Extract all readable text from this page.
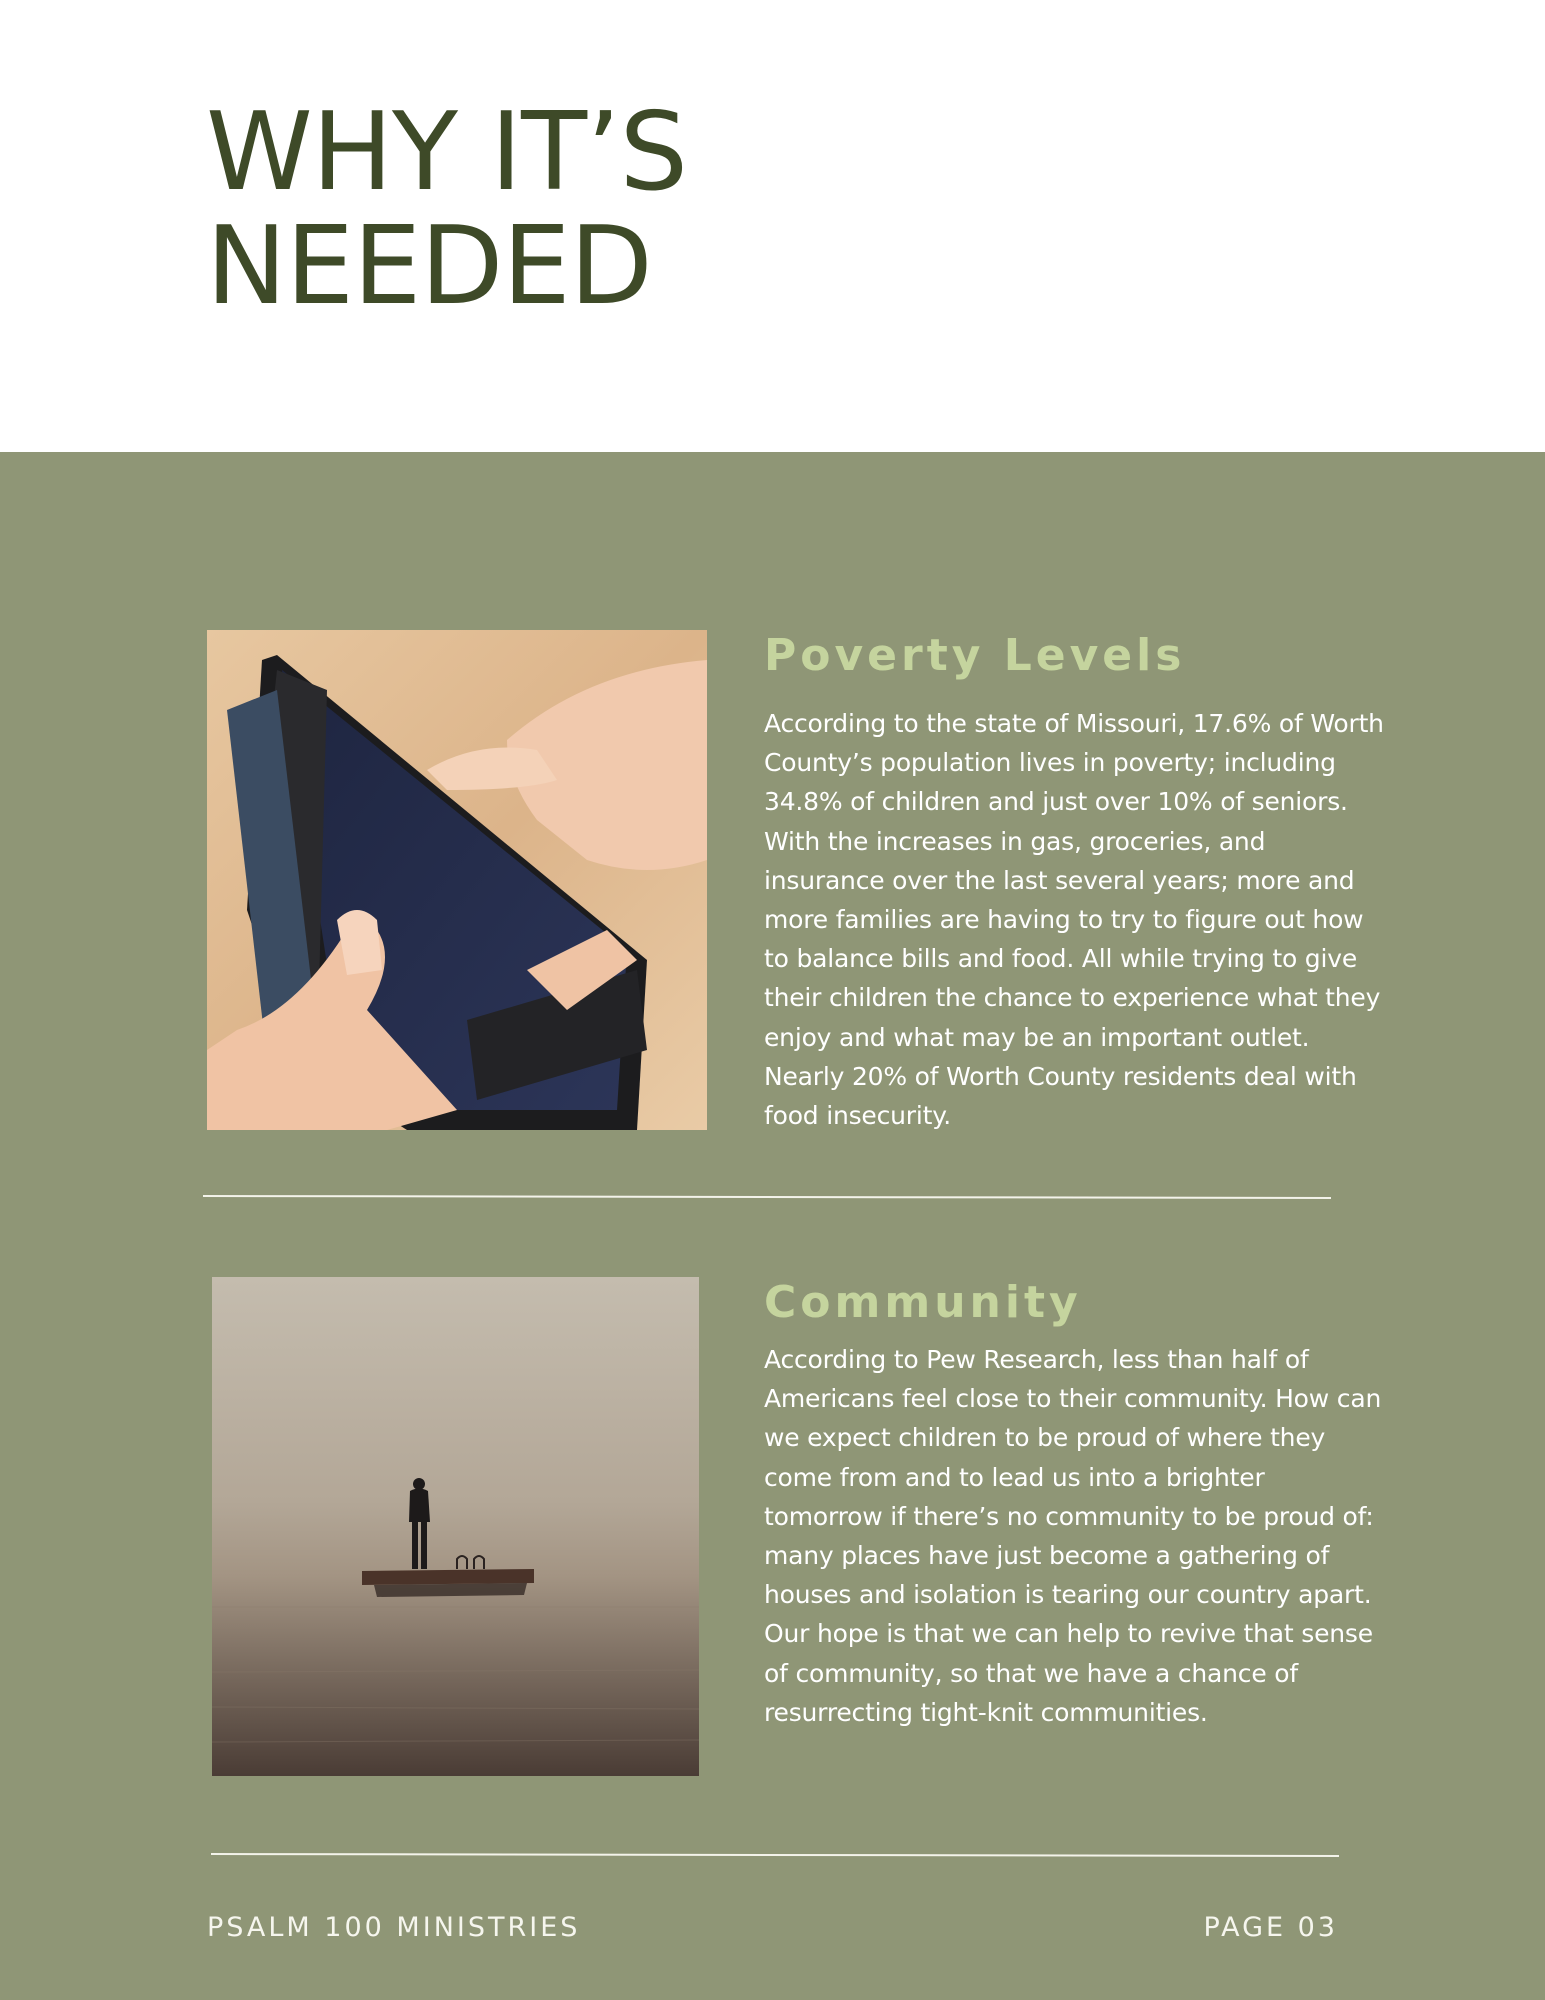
WHY IT’S
NEEDED
Poverty Levels

According to the state of Missouri, 17.6% of Worth County’s population lives in poverty; including 34.8% of children and just over 10% of seniors. With the increases in gas, groceries, and insurance over the last several years; more and more families are having to try to figure out how to balance bills and food. All while trying to give their children the chance to experience what they enjoy and what may be an important outlet. Nearly 20% of Worth County residents deal with food insecurity.

Community

According to Pew Research, less than half of Americans feel close to their community. How can we expect children to be proud of where they come from and to lead us into a brighter tomorrow if there’s no community to be proud of: many places have just become a gathering of houses and isolation is tearing our country apart. Our hope is that we can help to revive that sense of community, so that we have a chance of resurrecting tight-knit communities.

PSALM 100 MINISTRIES	PAGE 03
